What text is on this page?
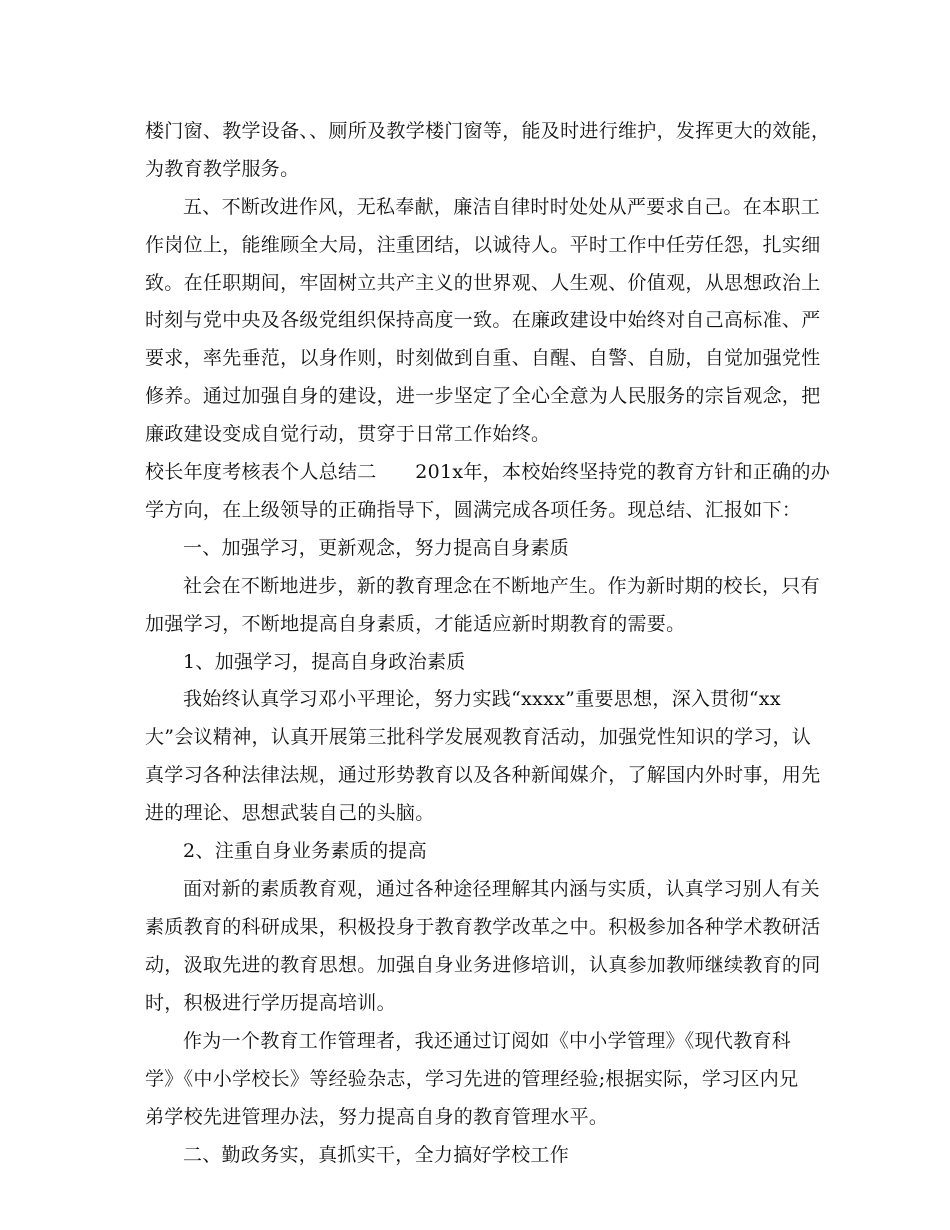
楼门窗、教学设备、、厕所及教学楼门窗等，能及时进行维护，发挥更大的效能，
为教育教学服务。
五、不断改进作风，无私奉献，廉洁自律时时处处从严要求自己。在本职工
作岗位上，能维顾全大局，注重团结，以诚待人。平时工作中任劳任怨，扎实细
致。在任职期间，牢固树立共产主义的世界观、人生观、价值观，从思想政治上
时刻与党中央及各级党组织保持高度一致。在廉政建设中始终对自己高标准、严
要求，率先垂范，以身作则，时刻做到自重、自醒、自警、自励，自觉加强党性
修养。通过加强自身的建设，进一步坚定了全心全意为人民服务的宗旨观念，把
廉政建设变成自觉行动，贯穿于日常工作始终。
校长年度考核表个人总结二　　201x年，本校始终坚持党的教育方针和正确的办
学方向，在上级领导的正确指导下，圆满完成各项任务。现总结、汇报如下：
一、加强学习，更新观念，努力提高自身素质
社会在不断地进步，新的教育理念在不断地产生。作为新时期的校长，只有
加强学习，不断地提高自身素质，才能适应新时期教育的需要。
1、加强学习，提高自身政治素质
我始终认真学习邓小平理论，努力实践“xxxx”重要思想，深入贯彻“xx
大”会议精神，认真开展第三批科学发展观教育活动，加强党性知识的学习，认
真学习各种法律法规，通过形势教育以及各种新闻媒介，了解国内外时事，用先
进的理论、思想武装自己的头脑。
2、注重自身业务素质的提高
面对新的素质教育观，通过各种途径理解其内涵与实质，认真学习别人有关
素质教育的科研成果，积极投身于教育教学改革之中。积极参加各种学术教研活
动，汲取先进的教育思想。加强自身业务进修培训，认真参加教师继续教育的同
时，积极进行学历提高培训。
作为一个教育工作管理者，我还通过订阅如《中小学管理》《现代教育科
学》《中小学校长》等经验杂志，学习先进的管理经验;根据实际，学习区内兄
弟学校先进管理办法，努力提高自身的教育管理水平。
二、勤政务实，真抓实干，全力搞好学校工作
